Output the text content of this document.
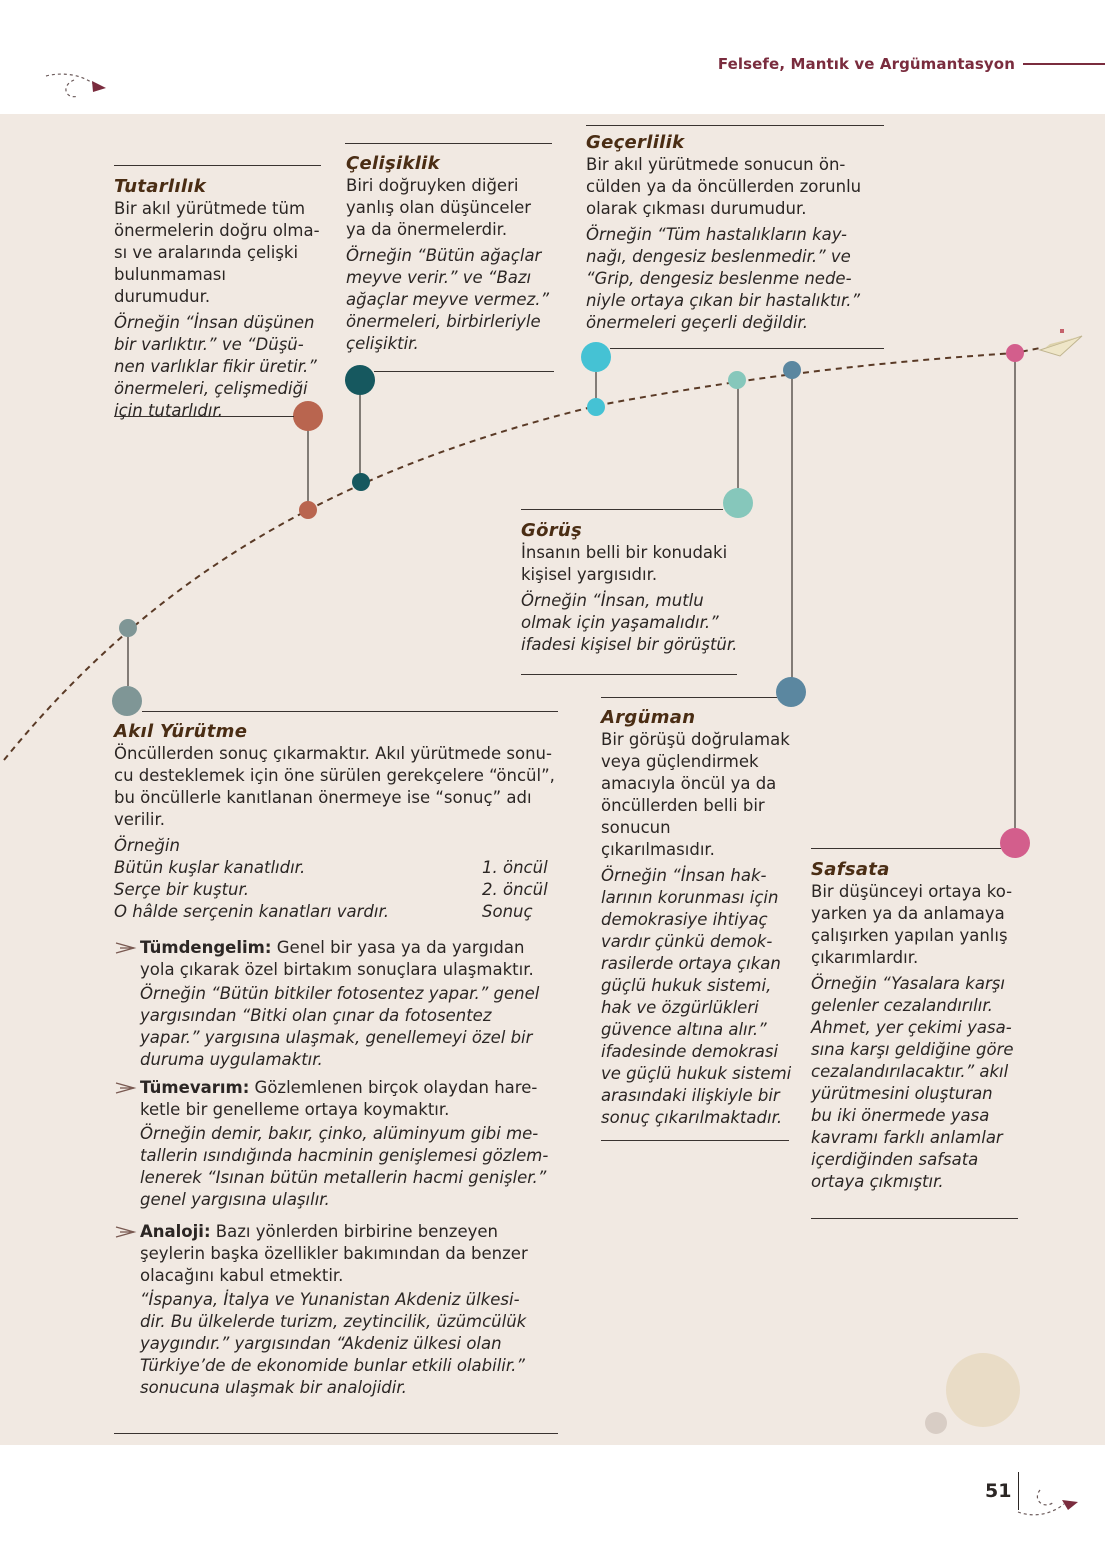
Felsefe, Mantık ve Argümantasyon
Tutarlılık

Bir akıl yürütmede tüm

önermelerin doğru olma-

sı ve aralarında çelişki

bulunmaması durumudur.

Örneğin “İnsan düşünen

bir varlıktır.” ve “Düşü-

nen varlıklar fikir üretir.”

önermeleri, çelişmediği

için tutarlıdır.

Çelişiklik

Biri doğruyken diğeri

yanlış olan düşünceler

ya da önermelerdir.

Örneğin “Bütün ağaçlar

meyve verir.” ve “Bazı

ağaçlar meyve vermez.”

önermeleri, birbirleriyle

çelişiktir.

Geçerlilik

Bir akıl yürütmede sonucun ön-

cülden ya da öncüllerden zorunlu

olarak çıkması durumudur.

Örneğin “Tüm hastalıkların kay-

nağı, dengesiz beslenmedir.” ve

“Grip, dengesiz beslenme nede-

niyle ortaya çıkan bir hastalıktır.”

önermeleri geçerli değildir.

Görüş

İnsanın belli bir konudaki

kişisel yargısıdır.

Örneğin “İnsan, mutlu

olmak için yaşamalıdır.”

ifadesi kişisel bir görüştür.

Akıl Yürütme

Öncüllerden sonuç çıkarmaktır. Akıl yürütmede sonu-

cu desteklemek için öne sürülen gerekçelere “öncül”,

bu öncüllerle kanıtlanan önermeye ise “sonuç” adı

verilir.

Örneğin
Bütün kuşlar kanatlıdır.	1. öncül
Serçe bir kuştur.	2. öncül
O hâlde serçenin kanatları vardır.	Sonuç

Tümdengelim: Genel bir yasa ya da yargıdan

yola çıkarak özel birtakım sonuçlara ulaşmaktır.

Örneğin “Bütün bitkiler fotosentez yapar.” genel

yargısından “Bitki olan çınar da fotosentez

yapar.” yargısına ulaşmak, genellemeyi özel bir

duruma uygulamaktır.

Tümevarım: Gözlemlenen birçok olaydan hare-

ketle bir genelleme ortaya koymaktır.

Örneğin demir, bakır, çinko, alüminyum gibi me-

tallerin ısındığında hacminin genişlemesi gözlem-

lenerek “Isınan bütün metallerin hacmi genişler.”

genel yargısına ulaşılır.

Analoji: Bazı yönlerden birbirine benzeyen

şeylerin başka özellikler bakımından da benzer

olacağını kabul etmektir.

“İspanya, İtalya ve Yunanistan Akdeniz ülkesi-

dir. Bu ülkelerde turizm, zeytincilik, üzümcülük

yaygındır.” yargısından “Akdeniz ülkesi olan

Türkiye’de de ekonomide bunlar etkili olabilir.”

sonucuna ulaşmak bir analojidir.

Argüman

Bir görüşü doğrulamak

veya güçlendirmek

amacıyla öncül ya da

öncüllerden belli bir

sonucun

çıkarılmasıdır.

Örneğin “İnsan hak-

larının korunması için

demokrasiye ihtiyaç

vardır çünkü demok-

rasilerde ortaya çıkan

güçlü hukuk sistemi,

hak ve özgürlükleri

güvence altına alır.”

ifadesinde demokrasi

ve güçlü hukuk sistemi

arasındaki ilişkiyle bir

sonuç çıkarılmaktadır.

Safsata

Bir düşünceyi ortaya ko-

yarken ya da anlamaya

çalışırken yapılan yanlış

çıkarımlardır.

Örneğin “Yasalara karşı

gelenler cezalandırılır.

Ahmet, yer çekimi yasa-

sına karşı geldiğine göre

cezalandırılacaktır.” akıl

yürütmesini oluşturan

bu iki önermede yasa

kavramı farklı anlamlar

içerdiğinden safsata

ortaya çıkmıştır.

51
